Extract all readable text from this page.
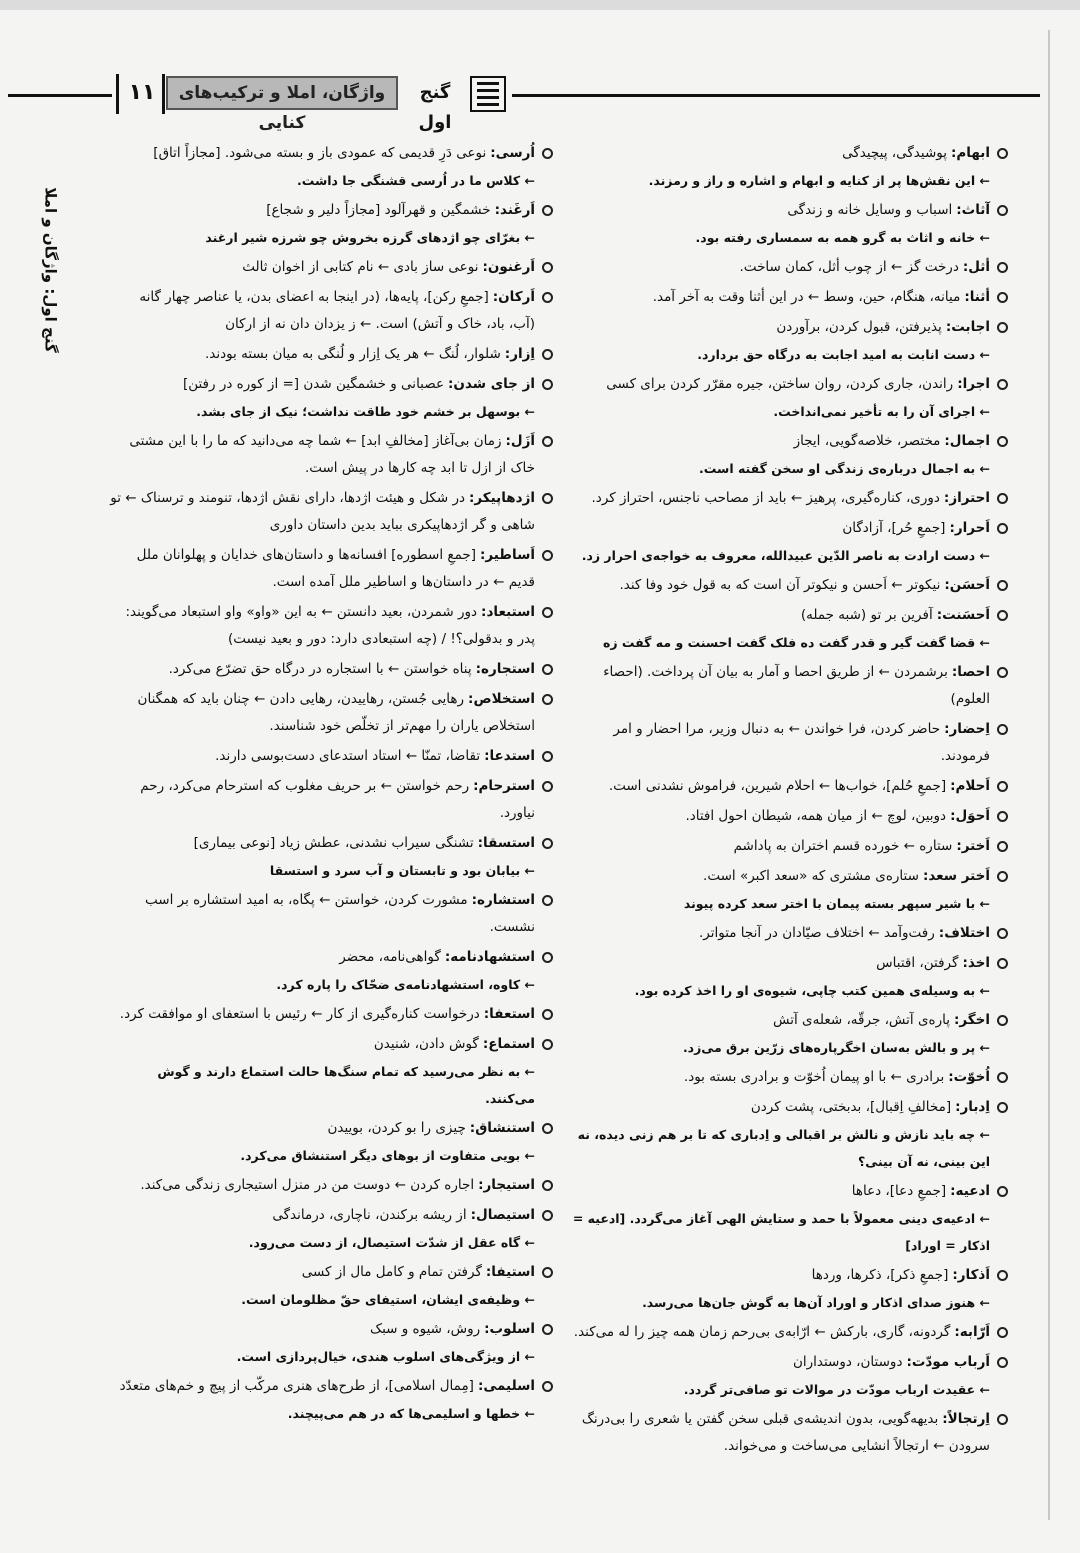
۱۱	واژگان، املا و ترکیب‌های کنایی
گنج اول
گنج اول: واژگان و املا
ابهام:پوشیدگی، پیچیدگی
← این نقش‌ها پر از کنایه و ابهام و اشاره و راز و رمزند.
آثاث:اسباب و وسایل خانه و زندگی
← خانه و اثاث به گرو همه به سمساری رفته بود.
أثل:درخت گز ← از چوب أثل، کمان ساخت.
أثنا:میانه، هنگام، حین، وسط ← در این أثنا وقت به آخر آمد.
اجابت:پذیرفتن، قبول کردن، برآوردن
← دست انابت به امید اجابت به درگاه حق بردارد.
اجرا:راندن، جاری کردن، روان ساختن، جیره مقرّر کردن برای کسی
← اجرای آن را به تأخیر نمی‌انداخت.
اجمال:مختصر، خلاصه‌گویی، ایجاز
← به اجمال درباره‌ی زندگی او سخن گفته است.
احتراز:دوری، کناره‌گیری، پرهیز ← باید از مصاحب ناجنس، احتراز کرد.
اَحرار:[جمعِ حُر]، آزادگان
← دست ارادت به ناصر الدّین عبیدالله، معروف به خواجه‌ی احرار زد.
اَحسَن:نیکوتر ← اَحسن و نیکوتر آن است که به قول خود وفا کند.
اَحسَنت:آفرین بر تو (شبه جمله)
← قضا گفت گیر و قدر گفت ده فلک گفت احسنت و مه گفت زه
احصا:برشمردن ← از طریق احصا و آمار به بیان آن پرداخت. (احصاء العلوم)
اِحضار:حاضر کردن، فرا خواندن ← به دنبال وزیر، مرا احضار و امر فرمودند.
اَحلام:[جمعِ حُلم]، خواب‌ها ← احلام شیرین، فراموش نشدنی است.
اَحوَل:دوبین، لوچ ← از میان همه، شیطان احول افتاد.
اَختر:ستاره ← خورده قسم اختران به پاداشم
اَختر سعد:ستاره‌ی مشتری که «سعد اکبر» است.
← با شیر سپهر بسته پیمان با اختر سعد کرده پیوند
اختلاف:رفت‌وآمد ← اختلاف صیّادان در آنجا متواتر.
اخذ:گرفتن، اقتباس
← به وسیله‌ی همین کتب چاپی، شیوه‌ی او را اخذ کرده بود.
اخگر:پاره‌ی آتش، جرقّه، شعله‌ی آتش
← پر و بالش به‌سان اخگرپاره‌های زرّین برق می‌زد.
اُخوّت:برادری ← با او پیمان اُخوّت و برادری بسته بود.
اِدبار:[مخالفِ اِقبال]، بدبختی، پشت کردن
← چه باید نازش و نالش بر اقبالی و اِدباری که تا بر هم زنی دیده، نه این بینی، نه آن بینی؟
ادعیه:[جمعِ دعا]، دعاها
← ادعیه‌ی دینی معمولاً با حمد و ستایش الهی آغاز می‌گردد. [ادعیه = اذکار = اوراد]
اَذکار:[جمعِ ذکر]، ذکرها، وردها
← هنوز صدای اذکار و اوراد آن‌ها به گوش جان‌ها می‌رسد.
اَرّابه:گردونه، گاری، بارکش ← ارّابه‌ی بی‌رحم زمان همه چیز را له می‌کند.
اَرباب مودّت:دوستان، دوستداران
← عقیدت ارباب مودّت در موالات تو صافی‌تر گردد.
اِرتجالاً:بدیهه‌گویی، بدون اندیشه‌ی قبلی سخن گفتن یا شعری را بی‌درنگ سرودن ← ارتجالاً انشایی می‌ساخت و می‌خواند.
اُرسی:نوعی دَرِ قدیمی که عمودی باز و بسته می‌شود. [مجازاً اتاق]
← کلاس ما در اُرسی قشنگی جا داشت.
اَرغَند:خشمگین و قهرآلود [مجازاً دلیر و شجاع]
← بغرّای چو اژدهای گرزه بخروش چو شرزه شیر ارغند
اَرغنون:نوعی ساز بادی ← نام کتابی از اخوان ثالث
اَرکان:[جمعِ رکن]، پایه‌ها، (در اینجا به اعضای بدن، یا عناصر چهار گانه (آب، باد، خاک و آتش) است. ← ز یزدان دان نه از ارکان
اِزار:شلوار، لُنگ ← هر یک اِزار و لُنگی به میان بسته بودند.
از جای شدن:عصبانی و خشمگین شدن [= از کوره در رفتن]
← بوسهل بر خشم خود طاقت نداشت؛ نیک از جای بشد.
اَزَل:زمان بی‌آغاز [مخالفِ ابد] ← شما چه می‌دانید که ما را با این مشتی خاک از ازل تا ابد چه کارها در پیش است.
اژدهاپیکر:در شکل و هیئت اژدها، دارای نقش اژدها، تنومند و ترسناک ← تو شاهی و گر اژدهاپیکری بباید بدین داستان داوری
اَساطیر:[جمعِ اسطوره] افسانه‌ها و داستان‌های خدایان و پهلوانان ملل قدیم ← در داستان‌ها و اساطیر ملل آمده است.
استبعاد:دور شمردن، بعید دانستن ← به این «واو» واو استبعاد می‌گویند: پدر و بدقولی؟! / (چه استبعادی دارد: دور و بعید نیست)
استجاره:پناه خواستن ← با استجاره در درگاه حق تضرّع می‌کرد.
استخلاص:رهایی جُستن، رهاییدن، رهایی دادن ← چنان باید که همگنان استخلاص یاران را مهم‌تر از تخلّص خود شناسند.
استدعا:تقاضا، تمنّا ← استاد استدعای دست‌بوسی دارند.
استرحام:رحم خواستن ← بر حریف مغلوب که استرحام می‌کرد، رحم نیاورد.
استسقا:تشنگی سیراب نشدنی، عطش زیاد [نوعی بیماری]
← بیابان بود و تابستان و آب سرد و استسقا
استشاره:مشورت کردن، خواستن ← پگاه، به امید استشاره بر اسب نشست.
استشهادنامه:گواهی‌نامه، محضر
← کاوه، استشهادنامه‌ی ضحّاک را پاره کرد.
استعفا:درخواست کناره‌گیری از کار ← رئیس با استعفای او موافقت کرد.
استماع:گوش دادن، شنیدن
← به نظر می‌رسید که تمام سنگ‌ها حالت استماع دارند و گوش می‌کنند.
استنشاق:چیزی را بو کردن، بوییدن
← بویی متفاوت از بوهای دیگر استنشاق می‌کرد.
استیجار:اجاره کردن ← دوست من در منزل استیجاری زندگی می‌کند.
استیصال:از ریشه برکندن، ناچاری، درماندگی
← گاه عقل از شدّت استیصال، از دست می‌رود.
استیفا:گرفتن تمام و کامل مال از کسی
← وظیفه‌ی ایشان، استیفای حقّ مظلومان است.
اسلوب:روش، شیوه و سبک
← از ویژگی‌های اسلوب هندی، خیال‌پردازی است.
اسلیمی:[مِمال اسلامی]، از طرح‌های هنری مرکّب از پیچ و خم‌های متعدّد
← خطها و اسلیمی‌ها که در هم می‌پیچند.
